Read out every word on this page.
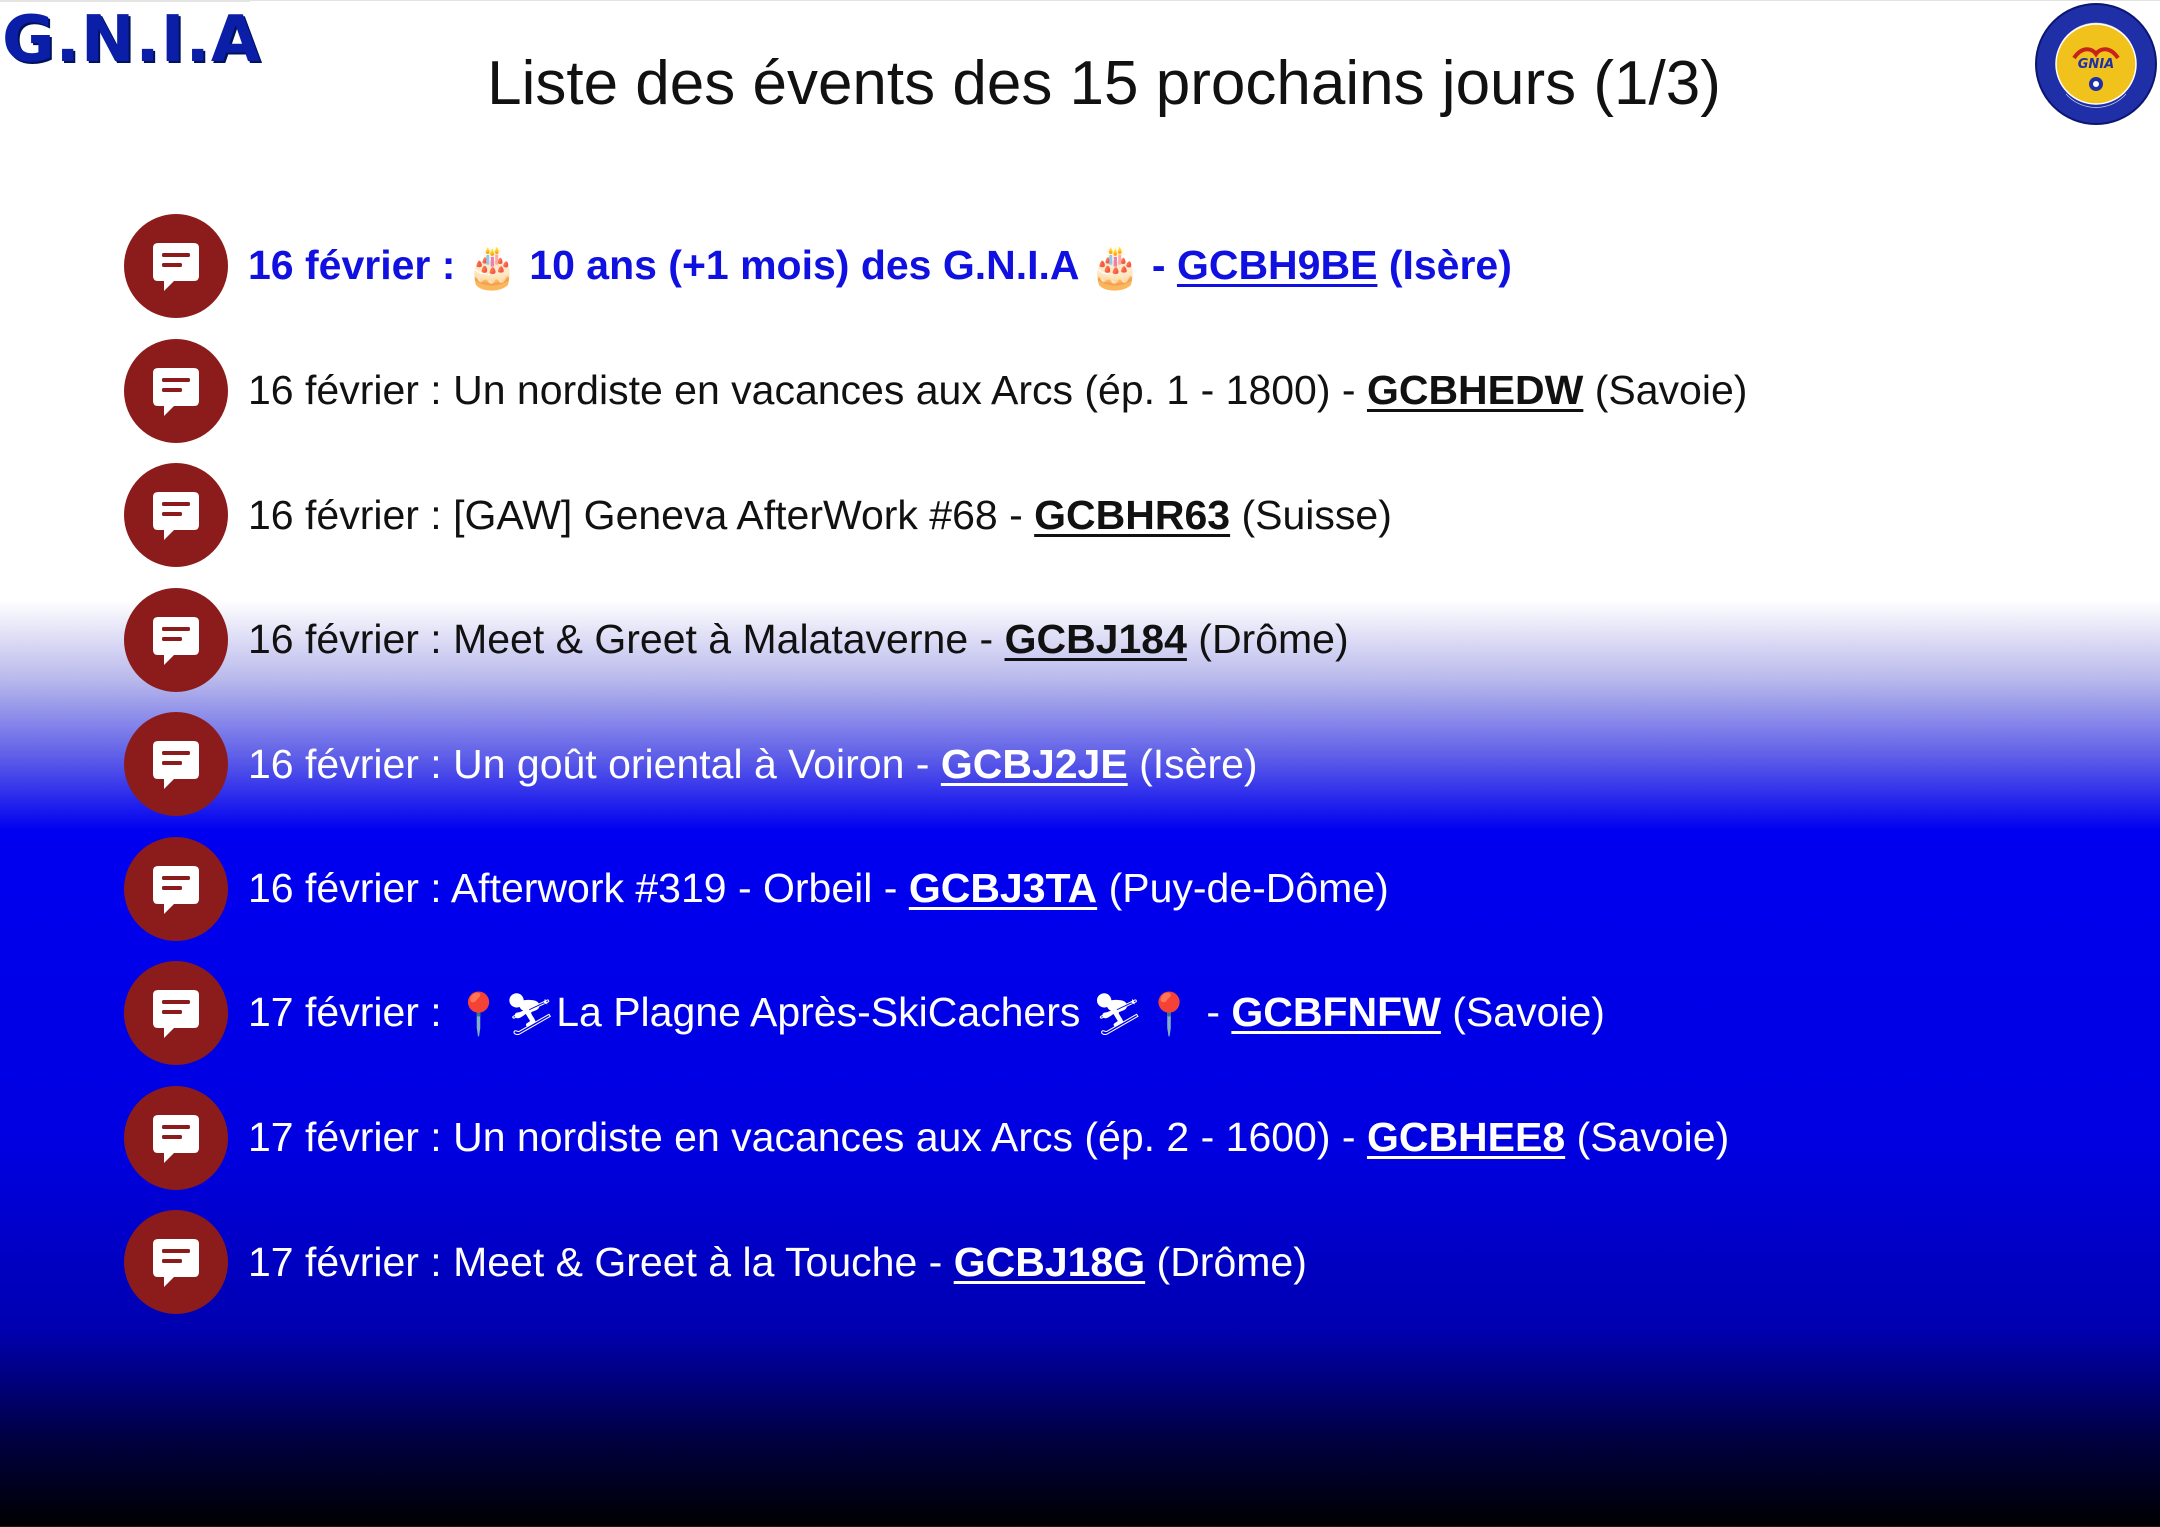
G.N.I.A
Liste des évents des 15 prochains jours (1/3)	GNIA
16 février : 🎂 10 ans (+1 mois) des G.N.I.A 🎂 - GCBH9BE (Isère)
16 février : Un nordiste en vacances aux Arcs (ép. 1 - 1800) - GCBHEDW (Savoie)
16 février : [GAW] Geneva AfterWork #68 - GCBHR63 (Suisse)
16 février : Meet & Greet à Malataverne - GCBJ184 (Drôme)
16 février : Un goût oriental à Voiron - GCBJ2JE (Isère)
16 février : Afterwork #319 - Orbeil - GCBJ3TA (Puy-de-Dôme)
17 février : 📍⛷La Plagne Après-SkiCachers ⛷📍 - GCBFNFW (Savoie)
17 février : Un nordiste en vacances aux Arcs (ép. 2 - 1600) - GCBHEE8 (Savoie)
17 février : Meet & Greet à la Touche - GCBJ18G (Drôme)
